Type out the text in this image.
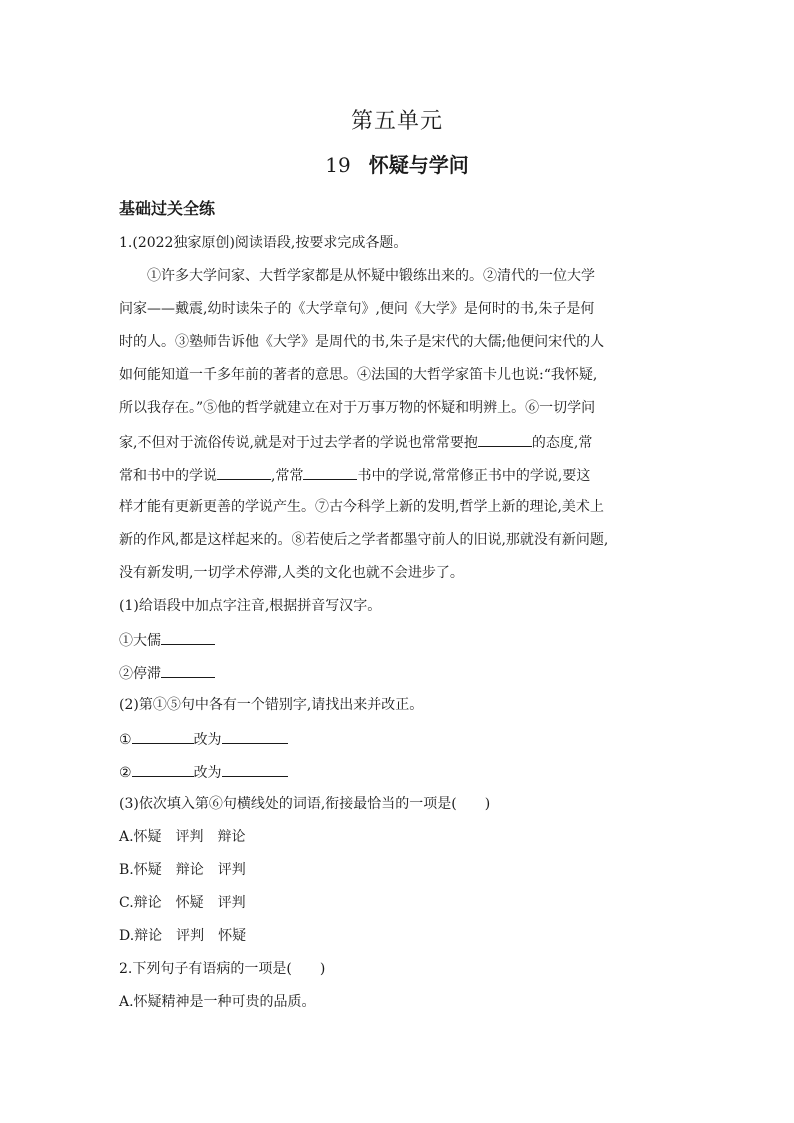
第五单元
19 怀疑与学问
基础过关全练
1.(2022独家原创)阅读语段,按要求完成各题。
①许多大学问家、大哲学家都是从怀疑中锻练出来的。②清代的一位大学
问家——戴震,幼时读朱子的《大学章句》,便问《大学》是何时的书,朱子是何
时的人。③塾师告诉他《大学》是周代的书,朱子是宋代的大儒;他便问宋代的人
如何能知道一千多年前的著者的意思。④法国的大哲学家笛卡儿也说:“我怀疑,
所以我存在。”⑤他的哲学就建立在对于万事万物的怀疑和明辨上。⑥一切学问
家,不但对于流俗传说,就是对于过去学者的学说也常常要抱	的态度,常
常和书中的学说	,常常	书中的学说,常常修正书中的学说,要这
样才能有更新更善的学说产生。⑦古今科学上新的发明,哲学上新的理论,美术上
新的作风,都是这样起来的。⑧若使后之学者都墨守前人的旧说,那就没有新问题,
没有新发明,一切学术停滞,人类的文化也就不会进步了。
(1)给语段中加点字注音,根据拼音写汉字。
①大儒
②停滞
(2)第①⑤句中各有一个错别字,请找出来并改正。
①	改为
②	改为
(3)依次填入第⑥句横线处的词语,衔接最恰当的一项是( )
A.怀疑　评判　辩论
B.怀疑　辩论　评判
C.辩论　怀疑　评判
D.辩论　评判　怀疑
2.下列句子有语病的一项是( )
A.怀疑精神是一种可贵的品质。
